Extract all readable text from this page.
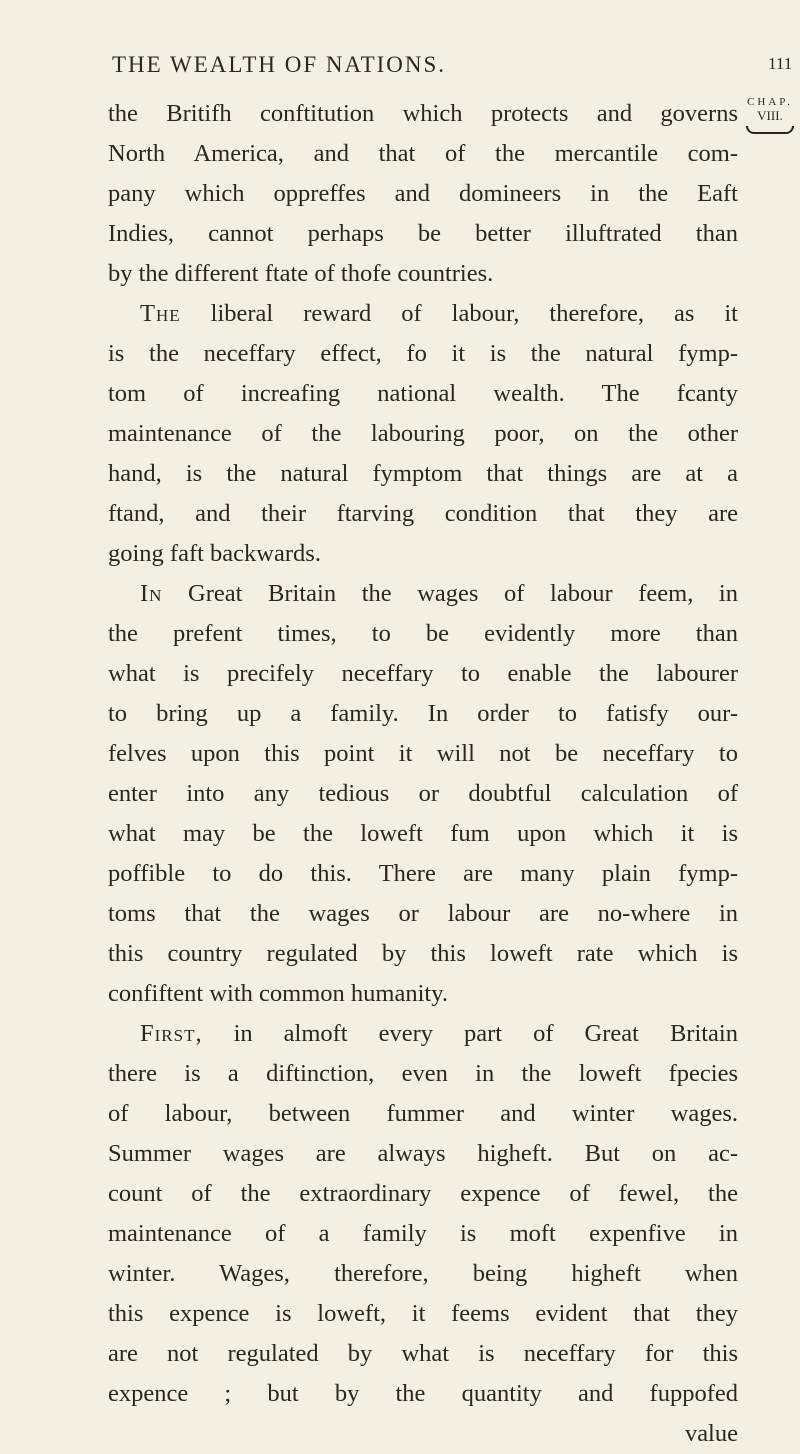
THE WEALTH OF NATIONS.	111
CHAP.
VIII.
the Britifh conftitution which protects and governs
North America, and that of the mercantile com-
pany which oppreffes and domineers in the Eaft
Indies, cannot perhaps be better illuftrated than
by the different ftate of thofe countries.
The liberal reward of labour, therefore, as it
is the neceffary effect, fo it is the natural fymp-
tom of increafing national wealth. The fcanty
maintenance of the labouring poor, on the other
hand, is the natural fymptom that things are at a
ftand, and their ftarving condition that they are
going faft backwards.
In Great Britain the wages of labour feem, in
the prefent times, to be evidently more than
what is precifely neceffary to enable the labourer
to bring up a family. In order to fatisfy our-
felves upon this point it will not be neceffary to
enter into any tedious or doubtful calculation of
what may be the loweft fum upon which it is
poffible to do this. There are many plain fymp-
toms that the wages or labour are no-where in
this country regulated by this loweft rate which is
confiftent with common humanity.
First, in almoft every part of Great Britain
there is a diftinction, even in the loweft fpecies
of labour, between fummer and winter wages.
Summer wages are always higheft. But on ac-
count of the extraordinary expence of fewel, the
maintenance of a family is moft expenfive in
winter. Wages, therefore, being higheft when
this expence is loweft, it feems evident that they
are not regulated by what is neceffary for this
expence ; but by the quantity and fuppofed
value
